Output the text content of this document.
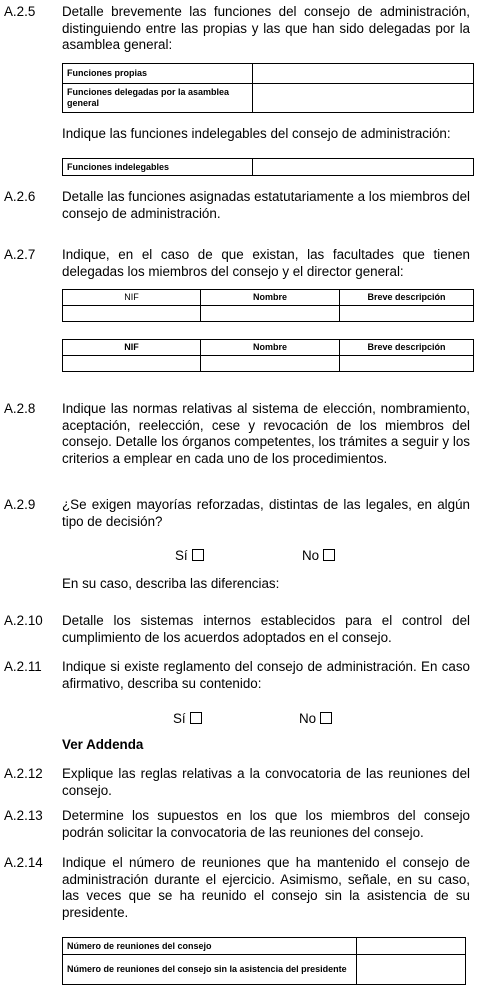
A.2.5 Detalle brevemente las funciones del consejo de administración, distinguiendo entre las propias y las que han sido delegadas por la asamblea general:
Funciones propias	
Funciones delegadas por la asamblea general	
Indique las funciones indelegables del consejo de administración:
Funciones indelegables	
A.2.6 Detalle las funciones asignadas estatutariamente a los miembros del consejo de administración.
A.2.7 Indique, en el caso de que existan, las facultades que tienen delegadas los miembros del consejo y el director general:
NIF	Nombre	Breve descripción

NIF	Nombre	Breve descripción

A.2.8 Indique las normas relativas al sistema de elección, nombramiento, aceptación, reelección, cese y revocación de los miembros del consejo. Detalle los órganos competentes, los trámites a seguir y los criterios a emplear en cada uno de los procedimientos.
A.2.9 ¿Se exigen mayorías reforzadas, distintas de las legales, en algún tipo de decisión?
Sí	No
En su caso, describa las diferencias:
A.2.10 Detalle los sistemas internos establecidos para el control del cumplimiento de los acuerdos adoptados en el consejo.
A.2.11 Indique si existe reglamento del consejo de administración. En caso afirmativo, describa su contenido:
Sí	No
Ver Addenda
A.2.12 Explique las reglas relativas a la convocatoria de las reuniones del consejo.
A.2.13 Determine los supuestos en los que los miembros del consejo podrán solicitar la convocatoria de las reuniones del consejo.
A.2.14 Indique el número de reuniones que ha mantenido el consejo de administración durante el ejercicio. Asimismo, señale, en su caso, las veces que se ha reunido el consejo sin la asistencia de su presidente.
Número de reuniones del consejo	
Número de reuniones del consejo sin la asistencia del presidente	
